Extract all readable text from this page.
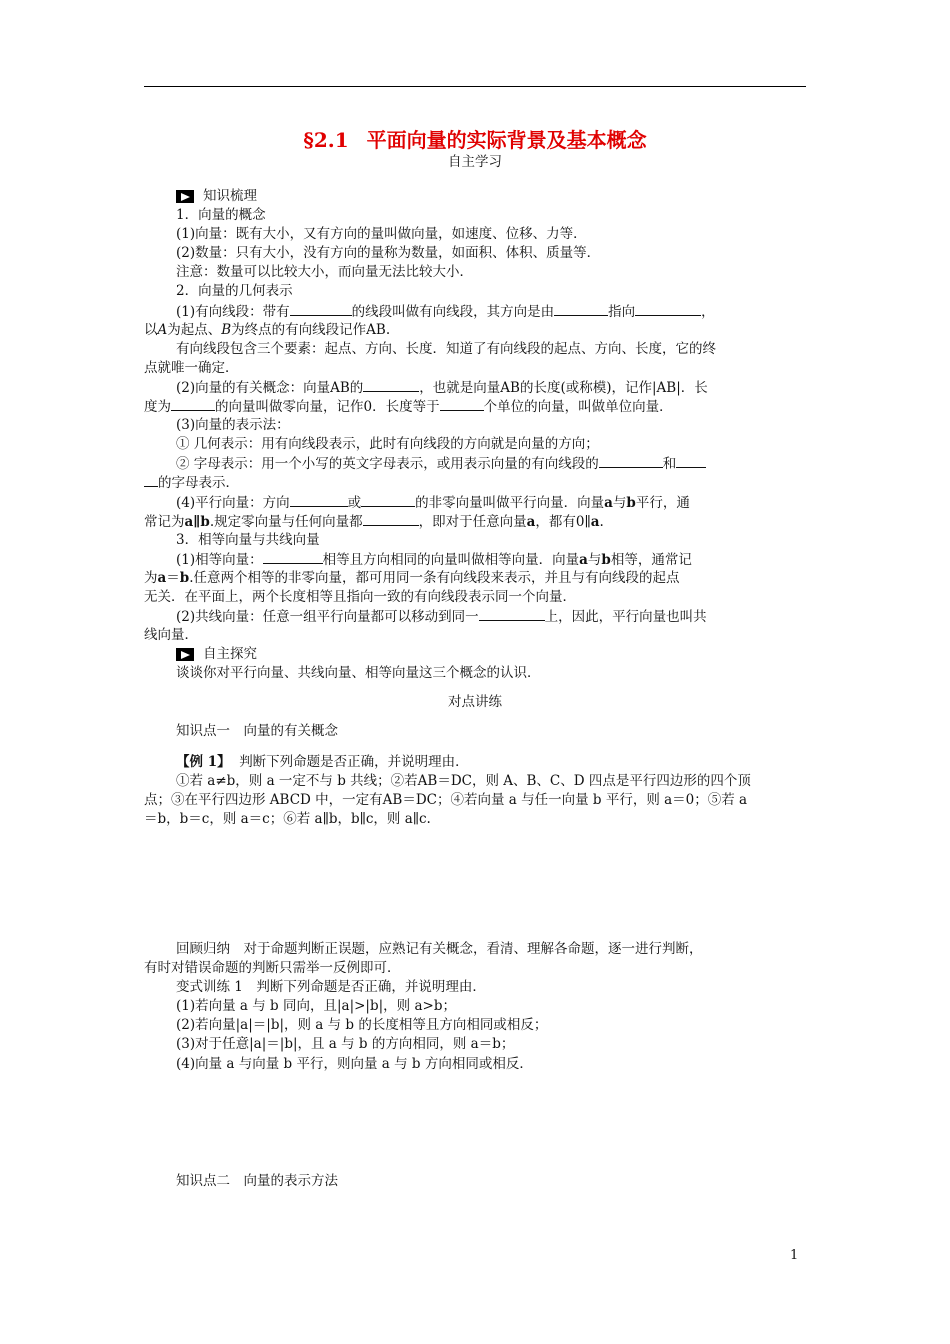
§2.1 平面向量的实际背景及基本概念
自主学习
知识梳理
1．向量的概念
(1)向量：既有大小，又有方向的量叫做向量，如速度、位移、力等．
(2)数量：只有大小，没有方向的量称为数量，如面积、体积、质量等．
注意：数量可以比较大小，而向量无法比较大小．
2．向量的几何表示
(1)有向线段：带有	的线段叫做有向线段，其方向是由	指向	，
以A为起点、B为终点的有向线段记作AB.
有向线段包含三个要素：起点、方向、长度．知道了有向线段的起点、方向、长度，它的终
点就唯一确定．
(2)向量的有关概念：向量AB的	，也就是向量AB的长度(或称模)，记作|AB|．长
度为	的向量叫做零向量，记作0．长度等于	个单位的向量，叫做单位向量．
(3)向量的表示法：
① 几何表示：用有向线段表示，此时有向线段的方向就是向量的方向；
② 字母表示：用一个小写的英文字母表示，或用表示向量的有向线段的	和
的字母表示．
(4)平行向量：方向	或	的非零向量叫做平行向量．向量a与b平行，通
常记为a∥b.规定零向量与任何向量都	，即对于任意向量a，都有0∥a.
3．相等向量与共线向量
(1)相等向量：	相等且方向相同的向量叫做相等向量．向量a与b相等，通常记
为a＝b.任意两个相等的非零向量，都可用同一条有向线段来表示，并且与有向线段的起点
无关．在平面上，两个长度相等且指向一致的有向线段表示同一个向量．
(2)共线向量：任意一组平行向量都可以移动到同一	上，因此，平行向量也叫共
线向量．
自主探究
谈谈你对平行向量、共线向量、相等向量这三个概念的认识．
对点讲练
知识点一　向量的有关概念
【例 1】 判断下列命题是否正确，并说明理由．
①若 a≠b，则 a 一定不与 b 共线；②若AB＝DC，则 A、B、C、D 四点是平行四边形的四个顶
点；③在平行四边形 ABCD 中，一定有AB＝DC；④若向量 a 与任一向量 b 平行，则 a＝0；⑤若 a
＝b，b＝c，则 a＝c；⑥若 a∥b，b∥c，则 a∥c.
回顾归纳　对于命题判断正误题，应熟记有关概念，看清、理解各命题，逐一进行判断，
有时对错误命题的判断只需举一反例即可．
变式训练 1　判断下列命题是否正确，并说明理由．
(1)若向量 a 与 b 同向，且|a|>|b|，则 a>b；
(2)若向量|a|＝|b|，则 a 与 b 的长度相等且方向相同或相反；
(3)对于任意|a|＝|b|，且 a 与 b 的方向相同，则 a＝b；
(4)向量 a 与向量 b 平行，则向量 a 与 b 方向相同或相反．
知识点二　向量的表示方法
1
